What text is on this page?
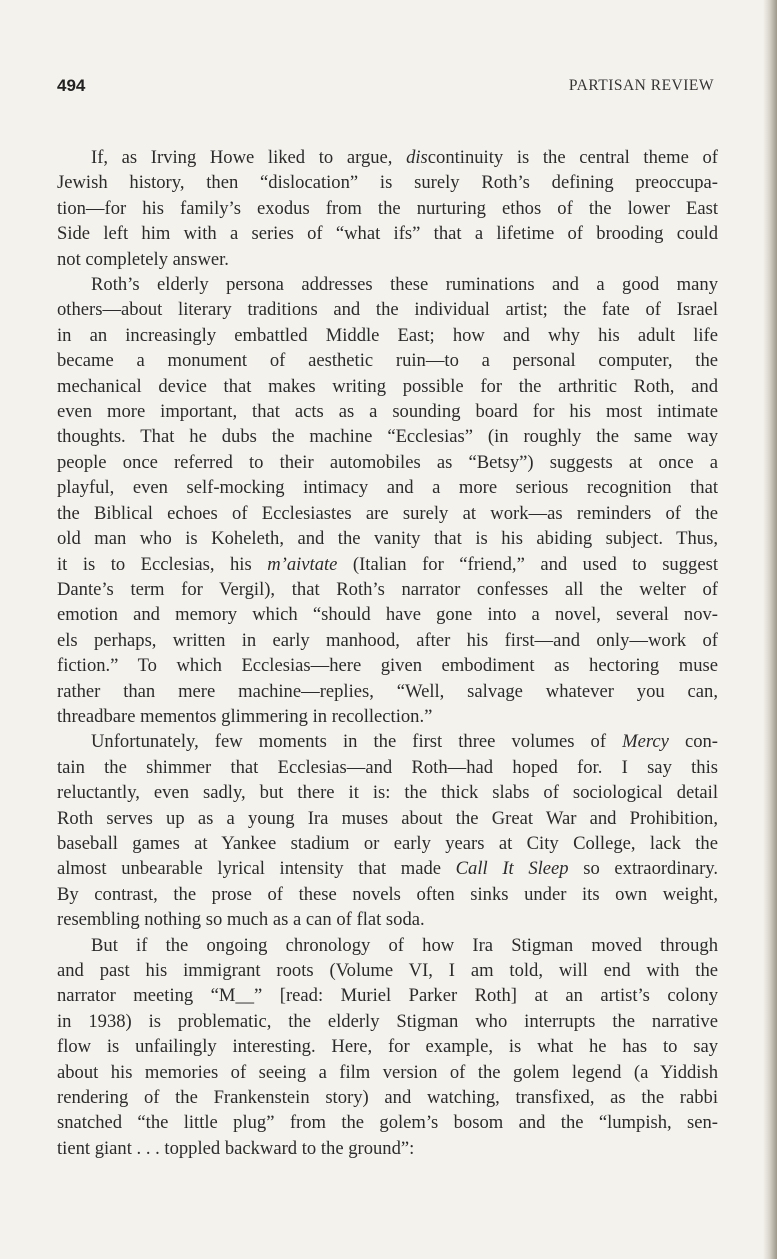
494	PARTISAN REVIEW

If, as Irving Howe liked to argue, discontinuity is the central theme of
Jewish history, then “dislocation” is surely Roth’s defining preoccupa-
tion—for his family’s exodus from the nurturing ethos of the lower East
Side left him with a series of “what ifs” that a lifetime of brooding could
not completely answer.

Roth’s elderly persona addresses these ruminations and a good many
others—about literary traditions and the individual artist; the fate of Israel
in an increasingly embattled Middle East; how and why his adult life
became a monument of aesthetic ruin—to a personal computer, the
mechanical device that makes writing possible for the arthritic Roth, and
even more important, that acts as a sounding board for his most intimate
thoughts. That he dubs the machine “Ecclesias” (in roughly the same way
people once referred to their automobiles as “Betsy”) suggests at once a
playful, even self-mocking intimacy and a more serious recognition that
the Biblical echoes of Ecclesiastes are surely at work—as reminders of the
old man who is Koheleth, and the vanity that is his abiding subject. Thus,
it is to Ecclesias, his m’aivtate (Italian for “friend,” and used to suggest
Dante’s term for Vergil), that Roth’s narrator confesses all the welter of
emotion and memory which “should have gone into a novel, several nov-
els perhaps, written in early manhood, after his first—and only—work of
fiction.” To which Ecclesias—here given embodiment as hectoring muse
rather than mere machine—replies, “Well, salvage whatever you can,
threadbare mementos glimmering in recollection.”

Unfortunately, few moments in the first three volumes of Mercy con-
tain the shimmer that Ecclesias—and Roth—had hoped for. I say this
reluctantly, even sadly, but there it is: the thick slabs of sociological detail
Roth serves up as a young Ira muses about the Great War and Prohibition,
baseball games at Yankee stadium or early years at City College, lack the
almost unbearable lyrical intensity that made Call It Sleep so extraordinary.
By contrast, the prose of these novels often sinks under its own weight,
resembling nothing so much as a can of flat soda.

But if the ongoing chronology of how Ira Stigman moved through
and past his immigrant roots (Volume VI, I am told, will end with the
narrator meeting “M__” [read: Muriel Parker Roth] at an artist’s colony
in 1938) is problematic, the elderly Stigman who interrupts the narrative
flow is unfailingly interesting. Here, for example, is what he has to say
about his memories of seeing a film version of the golem legend (a Yiddish
rendering of the Frankenstein story) and watching, transfixed, as the rabbi
snatched “the little plug” from the golem’s bosom and the “lumpish, sen-
tient giant . . . toppled backward to the ground”:
